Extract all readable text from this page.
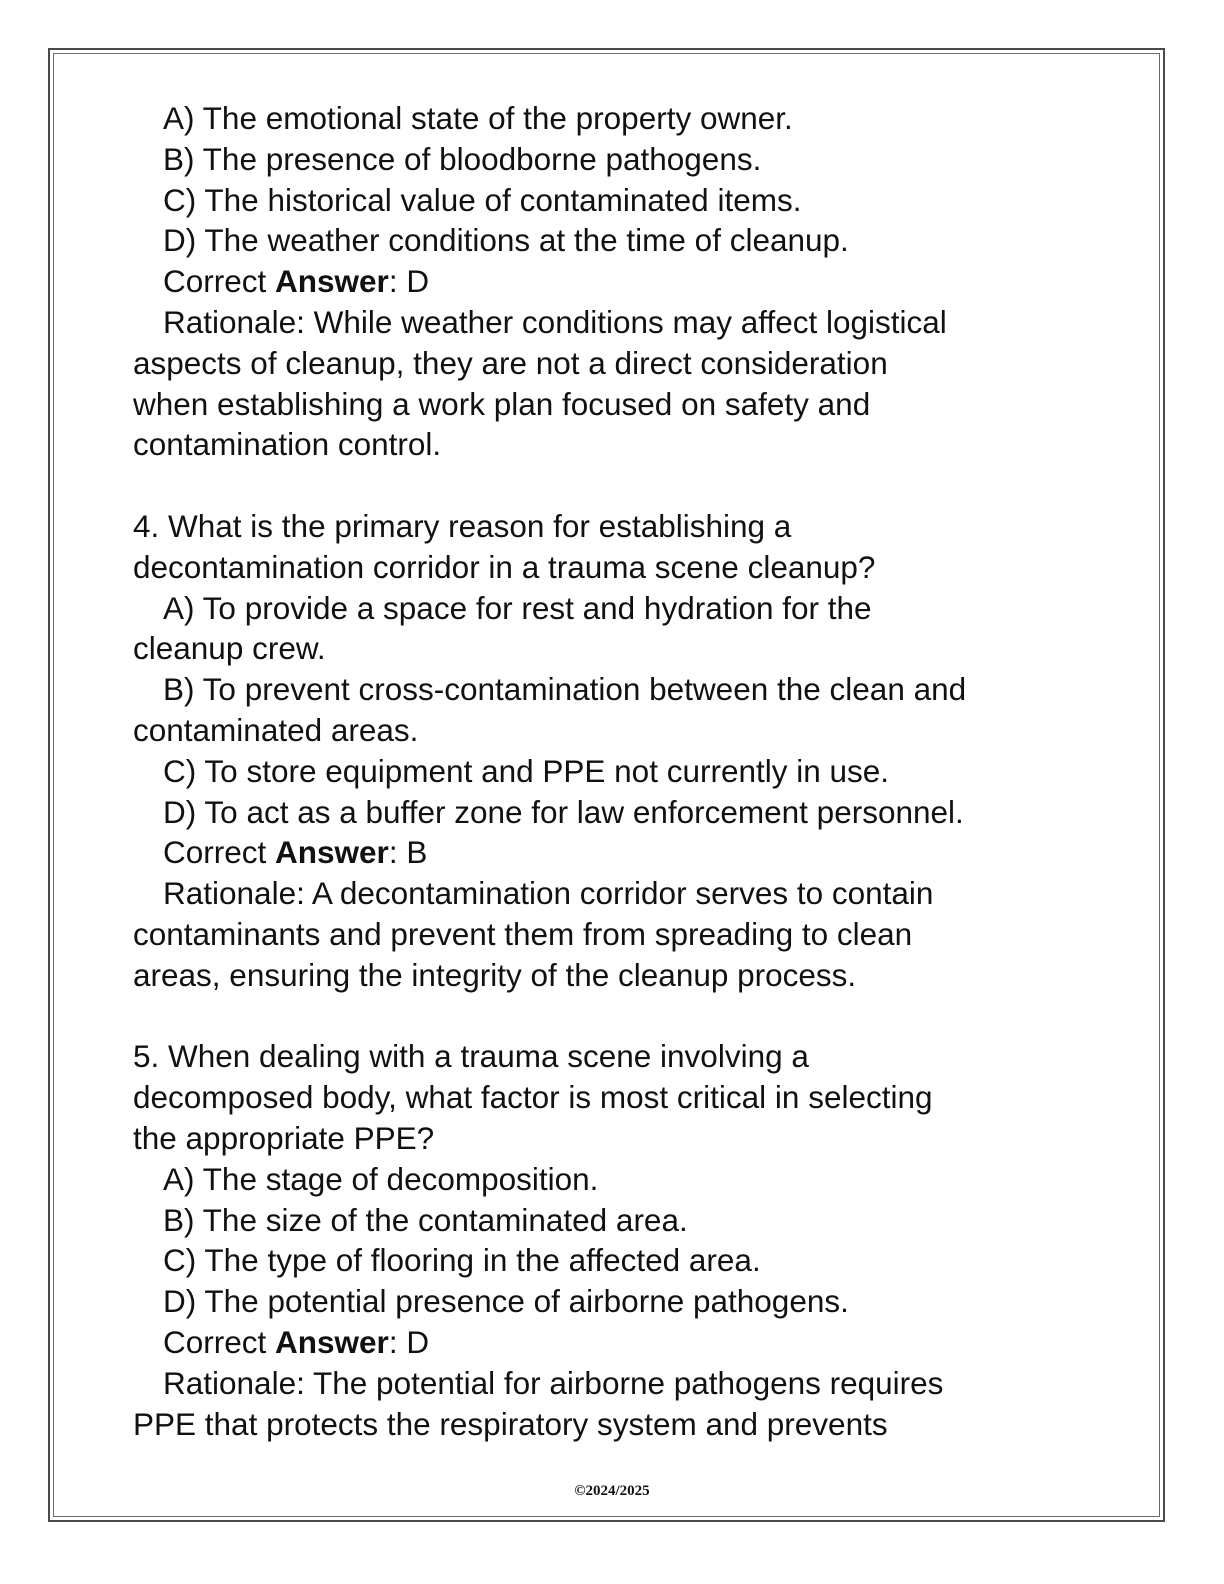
A) The emotional state of the property owner.
B) The presence of bloodborne pathogens.
C) The historical value of contaminated items.
D) The weather conditions at the time of cleanup.
Correct Answer: D
Rationale: While weather conditions may affect logistical
aspects of cleanup, they are not a direct consideration
when establishing a work plan focused on safety and
contamination control.
4. What is the primary reason for establishing a
decontamination corridor in a trauma scene cleanup?
A) To provide a space for rest and hydration for the
cleanup crew.
B) To prevent cross-contamination between the clean and
contaminated areas.
C) To store equipment and PPE not currently in use.
D) To act as a buffer zone for law enforcement personnel.
Correct Answer: B
Rationale: A decontamination corridor serves to contain
contaminants and prevent them from spreading to clean
areas, ensuring the integrity of the cleanup process.
5. When dealing with a trauma scene involving a
decomposed body, what factor is most critical in selecting
the appropriate PPE?
A) The stage of decomposition.
B) The size of the contaminated area.
C) The type of flooring in the affected area.
D) The potential presence of airborne pathogens.
Correct Answer: D
Rationale: The potential for airborne pathogens requires
PPE that protects the respiratory system and prevents
©2024/2025
